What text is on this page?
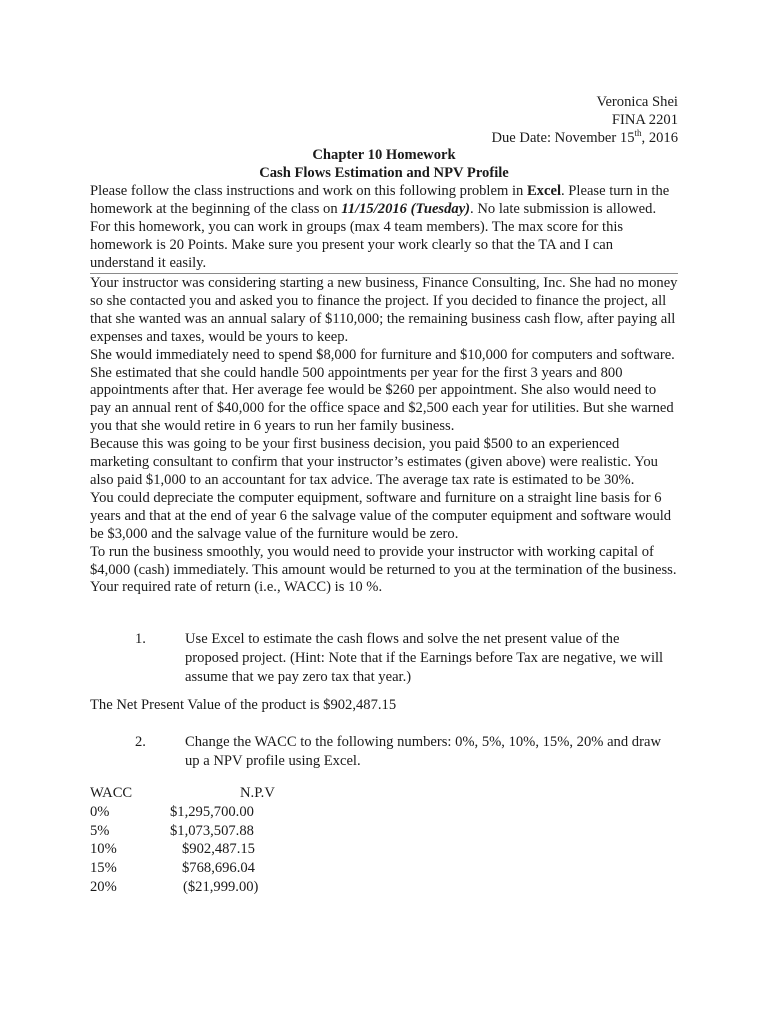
Veronica Shei
FINA 2201
Due Date: November 15th, 2016
Chapter 10 Homework
Cash Flows Estimation and NPV Profile
Please follow the class instructions and work on this following problem in Excel. Please turn in the homework at the beginning of the class on 11/15/2016 (Tuesday). No late submission is allowed. For this homework, you can work in groups (max 4 team members). The max score for this homework is 20 Points. Make sure you present your work clearly so that the TA and I can understand it easily.

Your instructor was considering starting a new business, Finance Consulting, Inc. She had no money so she contacted you and asked you to finance the project. If you decided to finance the project, all that she wanted was an annual salary of $110,000; the remaining business cash flow, after paying all expenses and taxes, would be yours to keep.

She would immediately need to spend $8,000 for furniture and $10,000 for computers and software. She estimated that she could handle 500 appointments per year for the first 3 years and 800 appointments after that. Her average fee would be $260 per appointment. She also would need to pay an annual rent of $40,000 for the office space and $2,500 each year for utilities. But she warned you that she would retire in 6 years to run her family business.

Because this was going to be your first business decision, you paid $500 to an experienced marketing consultant to confirm that your instructor’s estimates (given above) were realistic. You also paid $1,000 to an accountant for tax advice. The average tax rate is estimated to be 30%.

You could depreciate the computer equipment, software and furniture on a straight line basis for 6 years and that at the end of year 6 the salvage value of the computer equipment and software would be $3,000 and the salvage value of the furniture would be zero.

To run the business smoothly, you would need to provide your instructor with working capital of $4,000 (cash) immediately. This amount would be returned to you at the termination of the business.

Your required rate of return (i.e., WACC) is 10 %.

1.	Use Excel to estimate the cash flows and solve the net present value of the proposed project. (Hint: Note that if the Earnings before Tax are negative, we will assume that we pay zero tax that year.)
The Net Present Value of the product is $902,487.15
2.	Change the WACC to the following numbers: 0%, 5%, 10%, 15%, 20% and draw up a NPV profile using Excel.
WACC	N.P.V
0%	$1,295,700.00
5%	$1,073,507.88
10%	$902,487.15
15%	$768,696.04
20%	($21,999.00)
